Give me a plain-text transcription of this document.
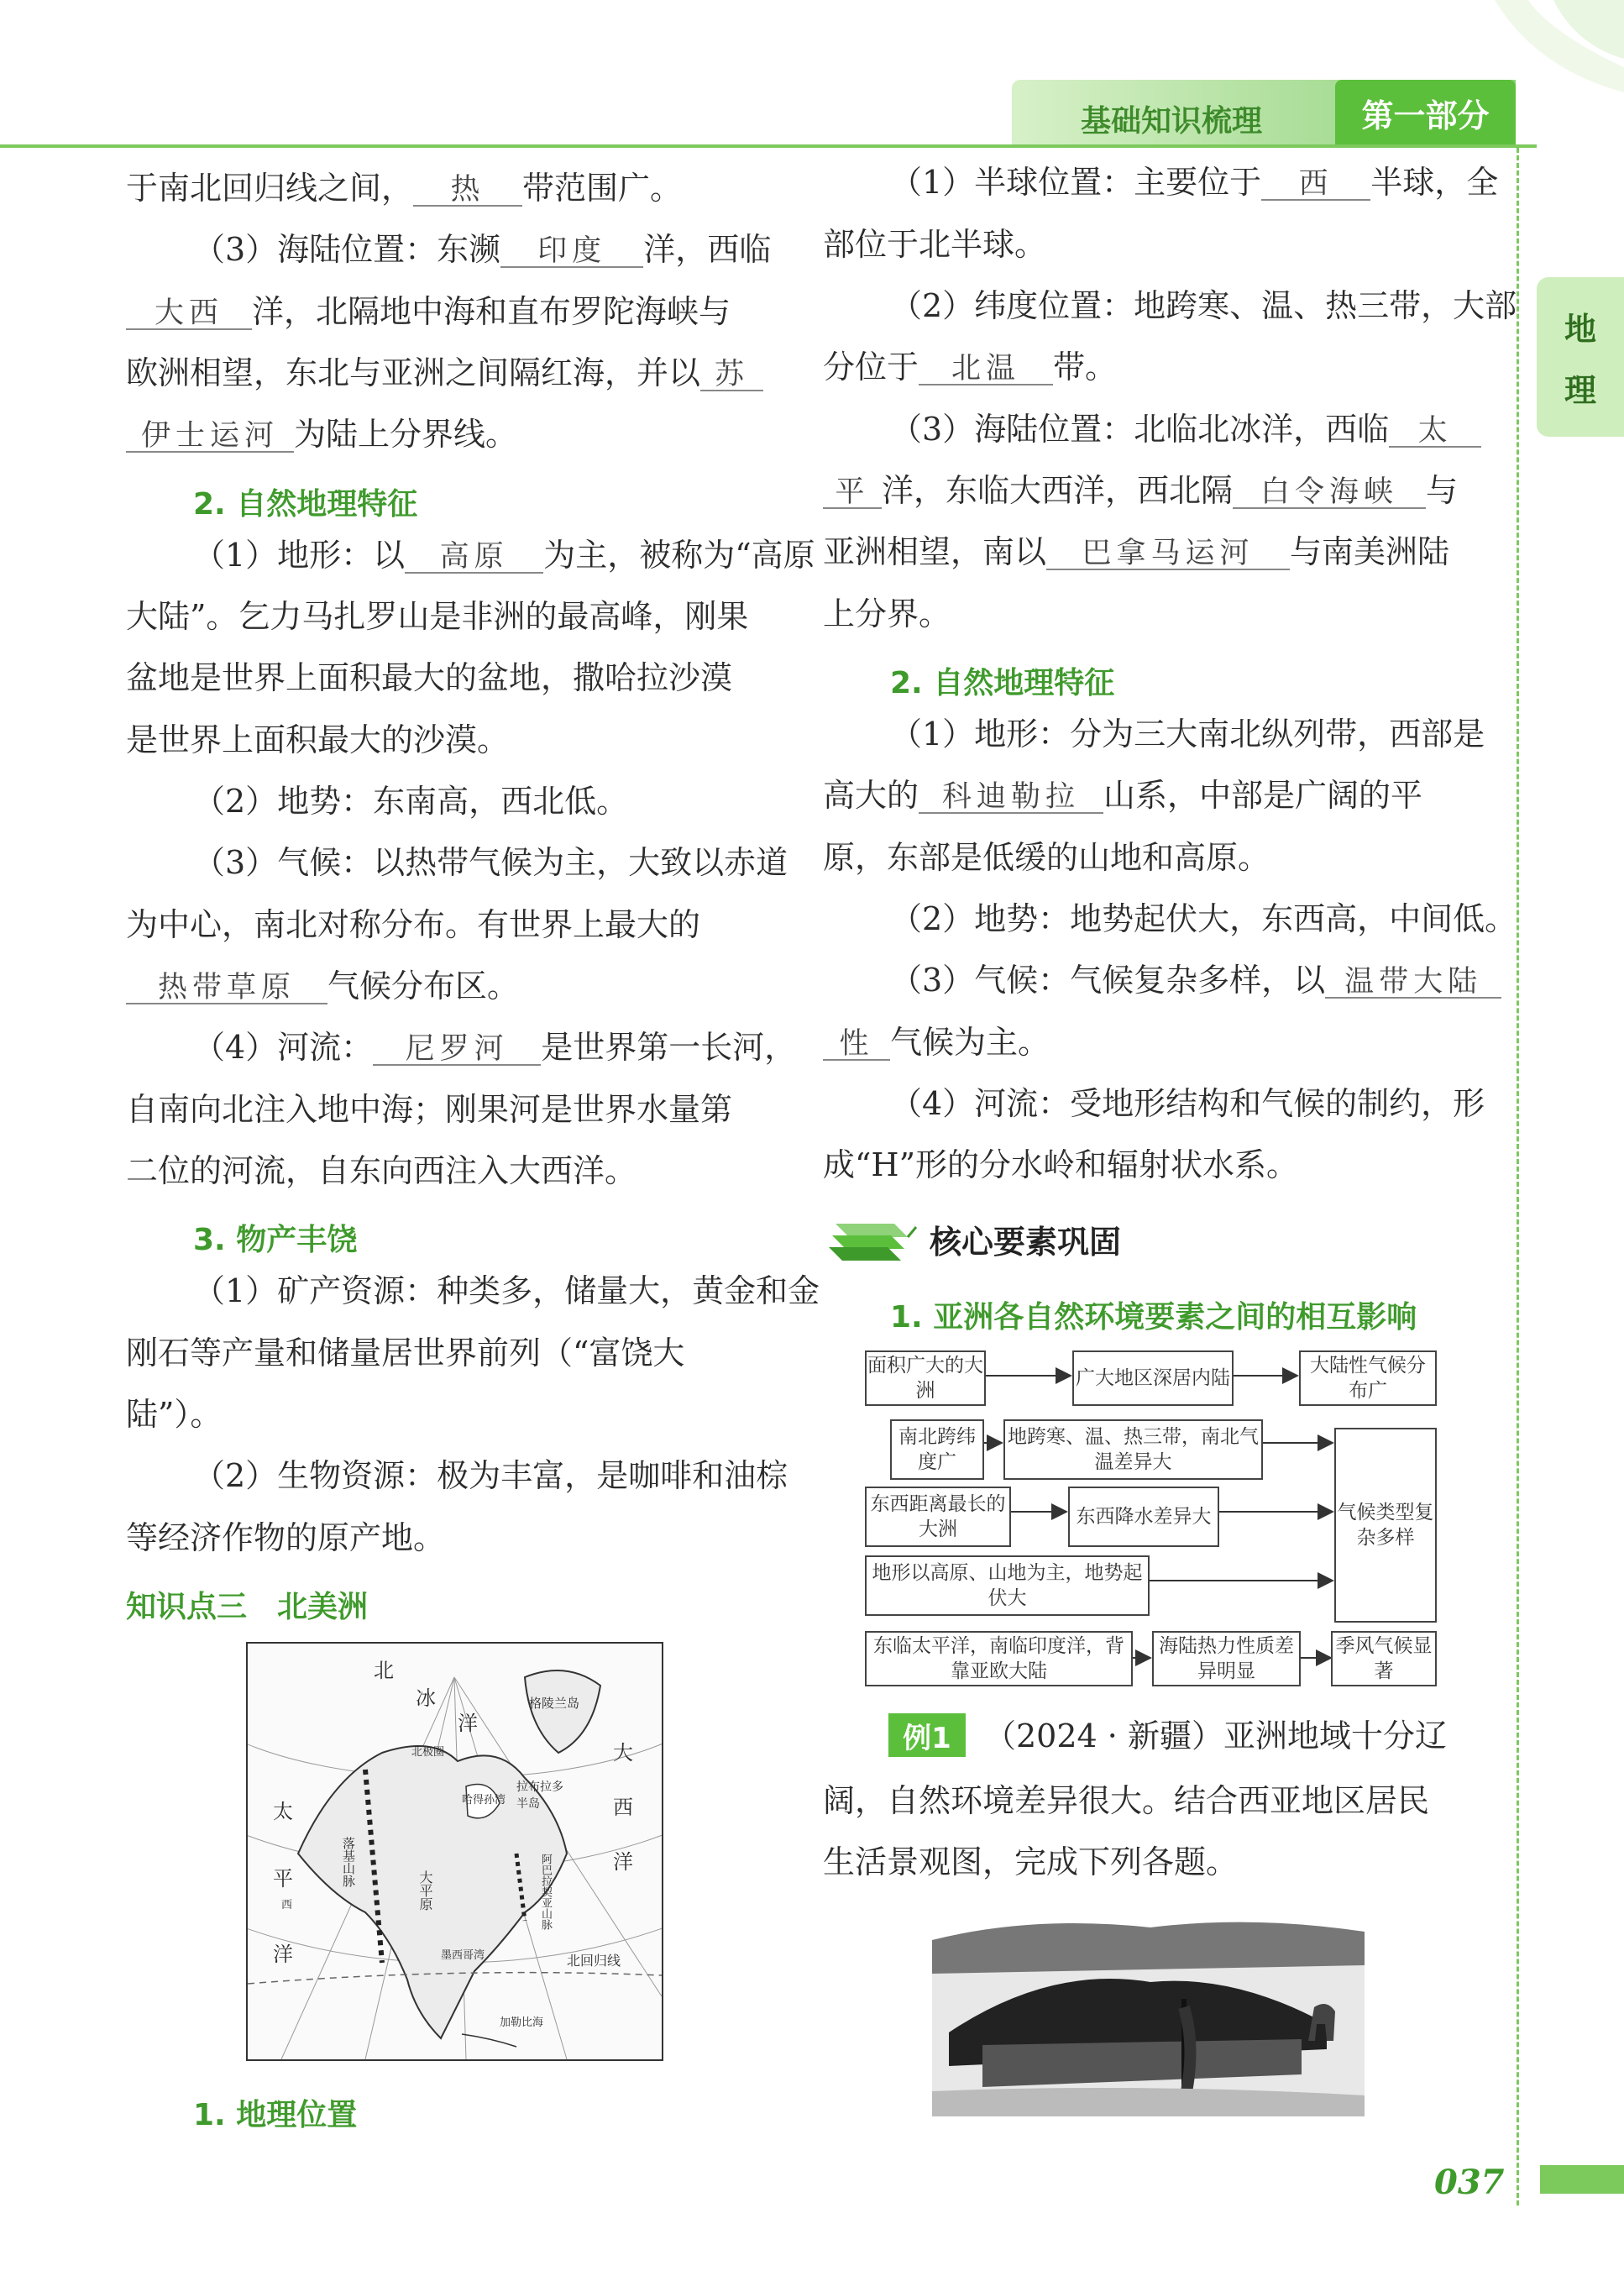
基础知识梳理	第一部分
地
理
于南北回归线之间， 热 带范围广。
（3）海陆位置：东濒 印度 洋，西临
大西 洋，北隔地中海和直布罗陀海峡与
欧洲相望，东北与亚洲之间隔红海，并以 苏
伊士运河 为陆上分界线。
2. 自然地理特征
（1）地形：以 高原 为主，被称为“高原
大陆”。乞力马扎罗山是非洲的最高峰，刚果
盆地是世界上面积最大的盆地，撒哈拉沙漠
是世界上面积最大的沙漠。
（2）地势：东南高，西北低。
（3）气候：以热带气候为主，大致以赤道
为中心，南北对称分布。有世界上最大的
热带草原 气候分布区。
（4）河流： 尼罗河 是世界第一长河，
自南向北注入地中海；刚果河是世界水量第
二位的河流，自东向西注入大西洋。
3. 物产丰饶
（1）矿产资源：种类多，储量大，黄金和金
刚石等产量和储量居世界前列（“富饶大
陆”）。
（2）生物资源：极为丰富，是咖啡和油棕
等经济作物的原产地。
知识点三　北美洲
北
冰
洋
大
西
洋
太
平
洋	北回归线
格陵兰岛
拉布拉多半岛
落基山脉
大平原	阿巴拉契亚山脉
北极圈
哈得孙湾
墨西哥湾
加勒比海
西
1. 地理位置
（1）半球位置：主要位于 西 半球，全
部位于北半球。
（2）纬度位置：地跨寒、温、热三带，大部
分位于 北温 带。
（3）海陆位置：北临北冰洋，西临 太
平 洋，东临大西洋，西北隔 白令海峡 与
亚洲相望，南以 巴拿马运河 与南美洲陆
上分界。
2. 自然地理特征
（1）地形：分为三大南北纵列带，西部是
高大的 科迪勒拉 山系，中部是广阔的平
原，东部是低缓的山地和高原。
（2）地势：地势起伏大，东西高，中间低。
（3）气候：气候复杂多样，以 温带大陆
性 气候为主。
（4）河流：受地形结构和气候的制约，形
成“H”形的分水岭和辐射状水系。
核心要素巩固
1. 亚洲各自然环境要素之间的相互影响
面积广大的大洲
广大地区深居内陆
大陆性气候分布广
南北跨纬度广
地跨寒、温、热三带，南北气温差异大
东西距离最长的大洲
东西降水差异大
地形以高原、山地为主，地势起伏大
气候类型复杂多样
东临太平洋，南临印度洋，背靠亚欧大陆
海陆热力性质差异明显
季风气候显著
例1	（2024 · 新疆）亚洲地域十分辽
阔，自然环境差异很大。结合西亚地区居民
生活景观图，完成下列各题。
037
